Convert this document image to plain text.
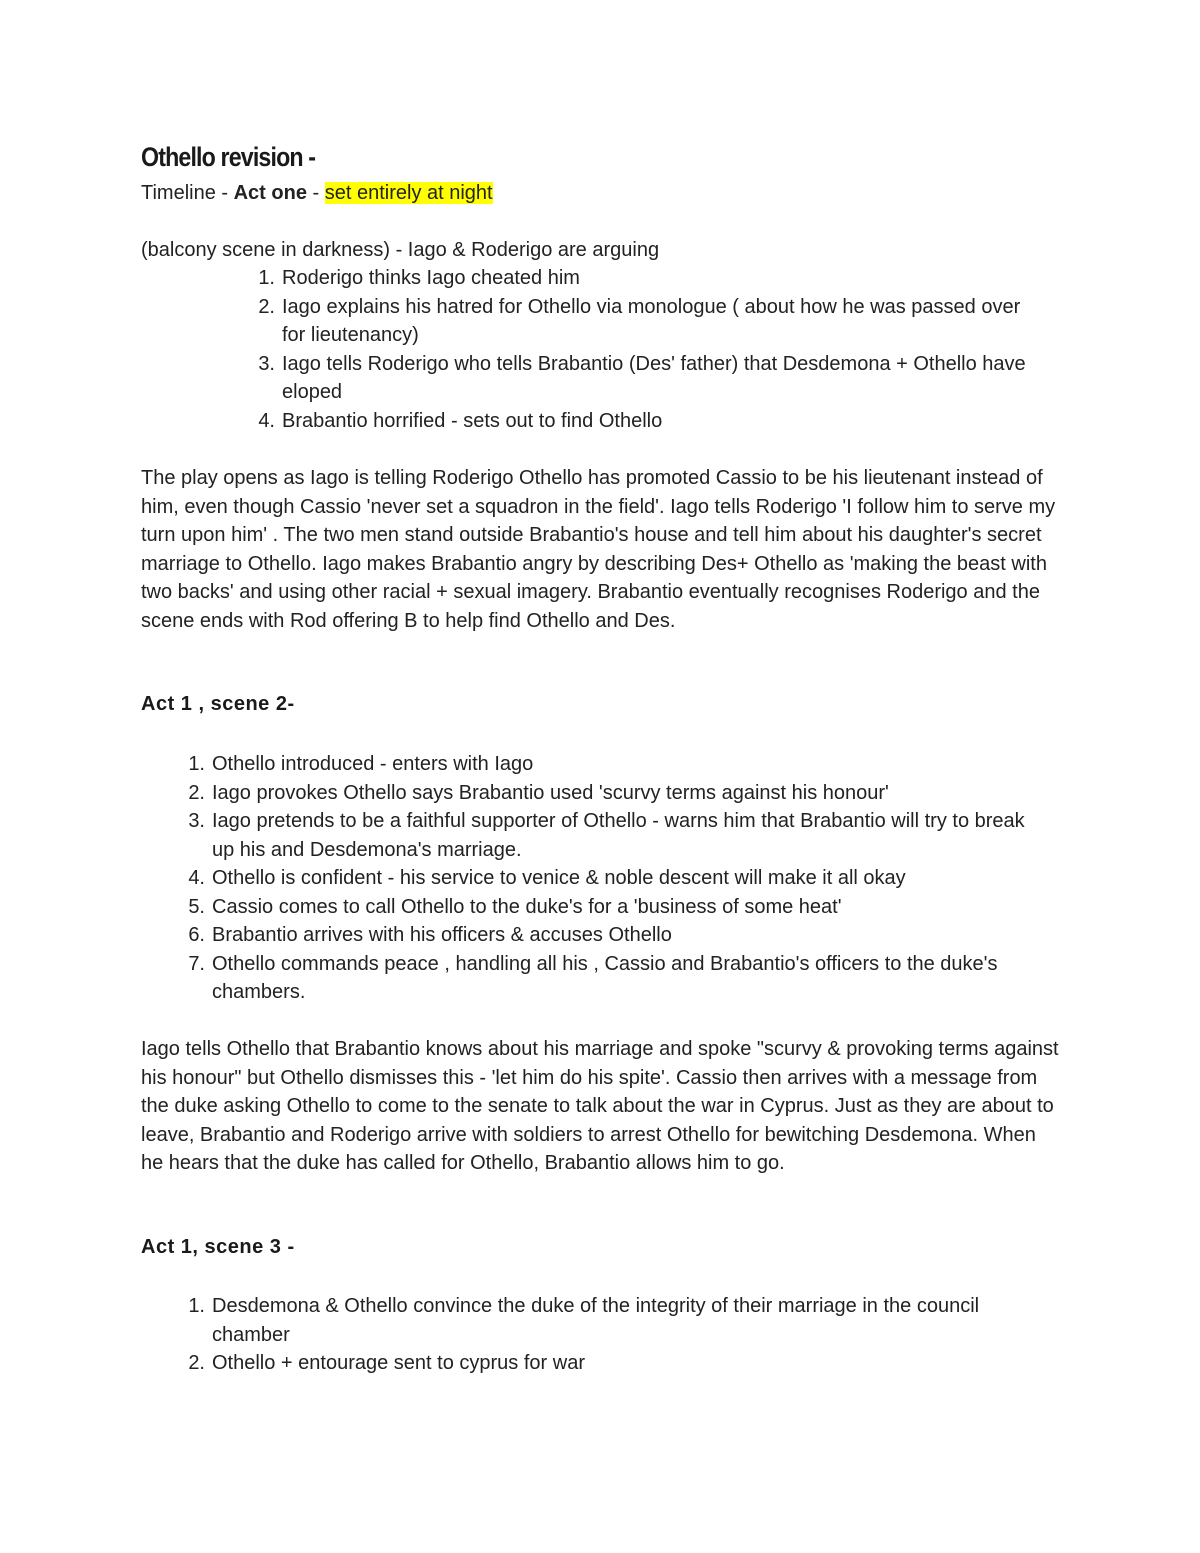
Othello revision -
Timeline - Act one - set entirely at night
(balcony scene in darkness) - Iago & Roderigo are arguing
1. Roderigo thinks Iago cheated him
2. Iago explains his hatred for Othello via monologue ( about how he was passed over for lieutenancy)
3. Iago tells Roderigo who tells Brabantio (Des' father) that Desdemona + Othello have eloped
4. Brabantio horrified - sets out to find Othello

The play opens as Iago is telling Roderigo Othello has promoted Cassio to be his lieutenant instead of him, even though Cassio 'never set a squadron in the field'. Iago tells Roderigo 'I follow him to serve my turn upon him' . The two men stand outside Brabantio's house and tell him about his daughter's secret marriage to Othello. Iago makes Brabantio angry by describing Des+ Othello as 'making the beast with two backs' and using other racial + sexual imagery. Brabantio eventually recognises Roderigo and the scene ends with Rod offering B to help find Othello and Des.

Act 1 , scene 2-
1. Othello introduced - enters with Iago
2. Iago provokes Othello says Brabantio used 'scurvy terms against his honour'
3. Iago pretends to be a faithful supporter of Othello - warns him that Brabantio will try to break up his and Desdemona's marriage.
4. Othello is confident - his service to venice & noble descent will make it all okay
5. Cassio comes to call Othello to the duke's for a 'business of some heat'
6. Brabantio arrives with his officers & accuses Othello
7. Othello commands peace , handling all his , Cassio and Brabantio's officers to the duke's chambers.

Iago tells Othello that Brabantio knows about his marriage and spoke "scurvy & provoking terms against his honour" but Othello dismisses this - 'let him do his spite'. Cassio then arrives with a message from the duke asking Othello to come to the senate to talk about the war in Cyprus. Just as they are about to leave, Brabantio and Roderigo arrive with soldiers to arrest Othello for bewitching Desdemona. When he hears that the duke has called for Othello, Brabantio allows him to go.

Act 1, scene 3 -
1. Desdemona & Othello convince the duke of the integrity of their marriage in the council chamber
2. Othello + entourage sent to cyprus for war
